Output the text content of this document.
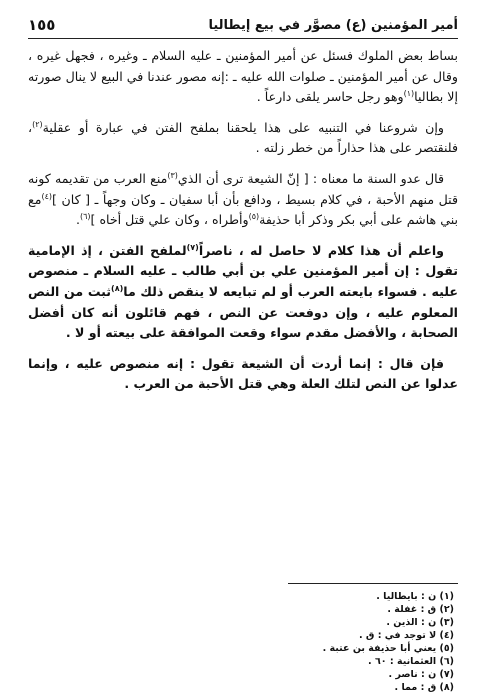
أمير المؤمنين (ع) مصوَّر في بيع إيطاليا
١٥٥

بساط بعض الملوك فسئل عن أمير المؤمنين ـ عليه السلام ـ وغيره ، فجهل غيره ، وقال عن أمير المؤمنين ـ صلوات الله عليه ـ :إنه مصور عندنا في البيع لا ينال صورته إلا بطاليا$^{(١)}$وهو رجل حاسر يلقى دارعاً .

وإن شروعنا في التنبيه على هذا يلحقنا بملفح الفتن في عبارة أو عقلية$^{(٢)}$، فلنقتصر على هذا حذاراً من خطر زلته .

قال عدو السنة ما معناه : [ إنّ الشيعة ترى أن الذي$^{(٣)}$منع العرب من تقديمه كونه قتل منهم الأحبة ، في كلام بسيط ، ودافع بأن أبا سفيان ـ وكان وجهاً ـ [ كان ]$^{(٤)}$مع بني هاشم على أبي بكر وذكر أبا حذيفة$^{(٥)}$وأطراه ، وكان علي قتل أخاه ]$^{(٦)}$.

واعلم أن هذا كلام لا حاصل له ، ناصراً$^{(٧)}$لملفح الفتن ، إذ الإمامية تقول : إن أمير المؤمنين علي بن أبي طالب ـ عليه السلام ـ منصوص عليه . فسواء بايعته العرب أو لم تبايعه لا ينقص ذلك ما$^{(٨)}$ثبت من النص المعلوم عليه ، وإن دوفعت عن النص ، فهم قائلون أنه كان أفضل الصحابة ، والأفضل مقدم سواء وقعت الموافقة على بيعته أو لا .

فإن قال : إنما أردت أن الشيعة تقول : إنه منصوص عليه ، وإنما عدلوا عن النص لتلك العلة وهي قتل الأحبة من العرب .

(١) ن : بايطاليا .
(٢) ق : غفلة .
(٣) ن : الذين .
(٤) لا توجد في : ق .
(٥) يعني أبا حذيفة بن عتبة .
(٦) العثمانية : ٦٠ .
(٧) ن : ناصر .
(٨) ق : مما .
